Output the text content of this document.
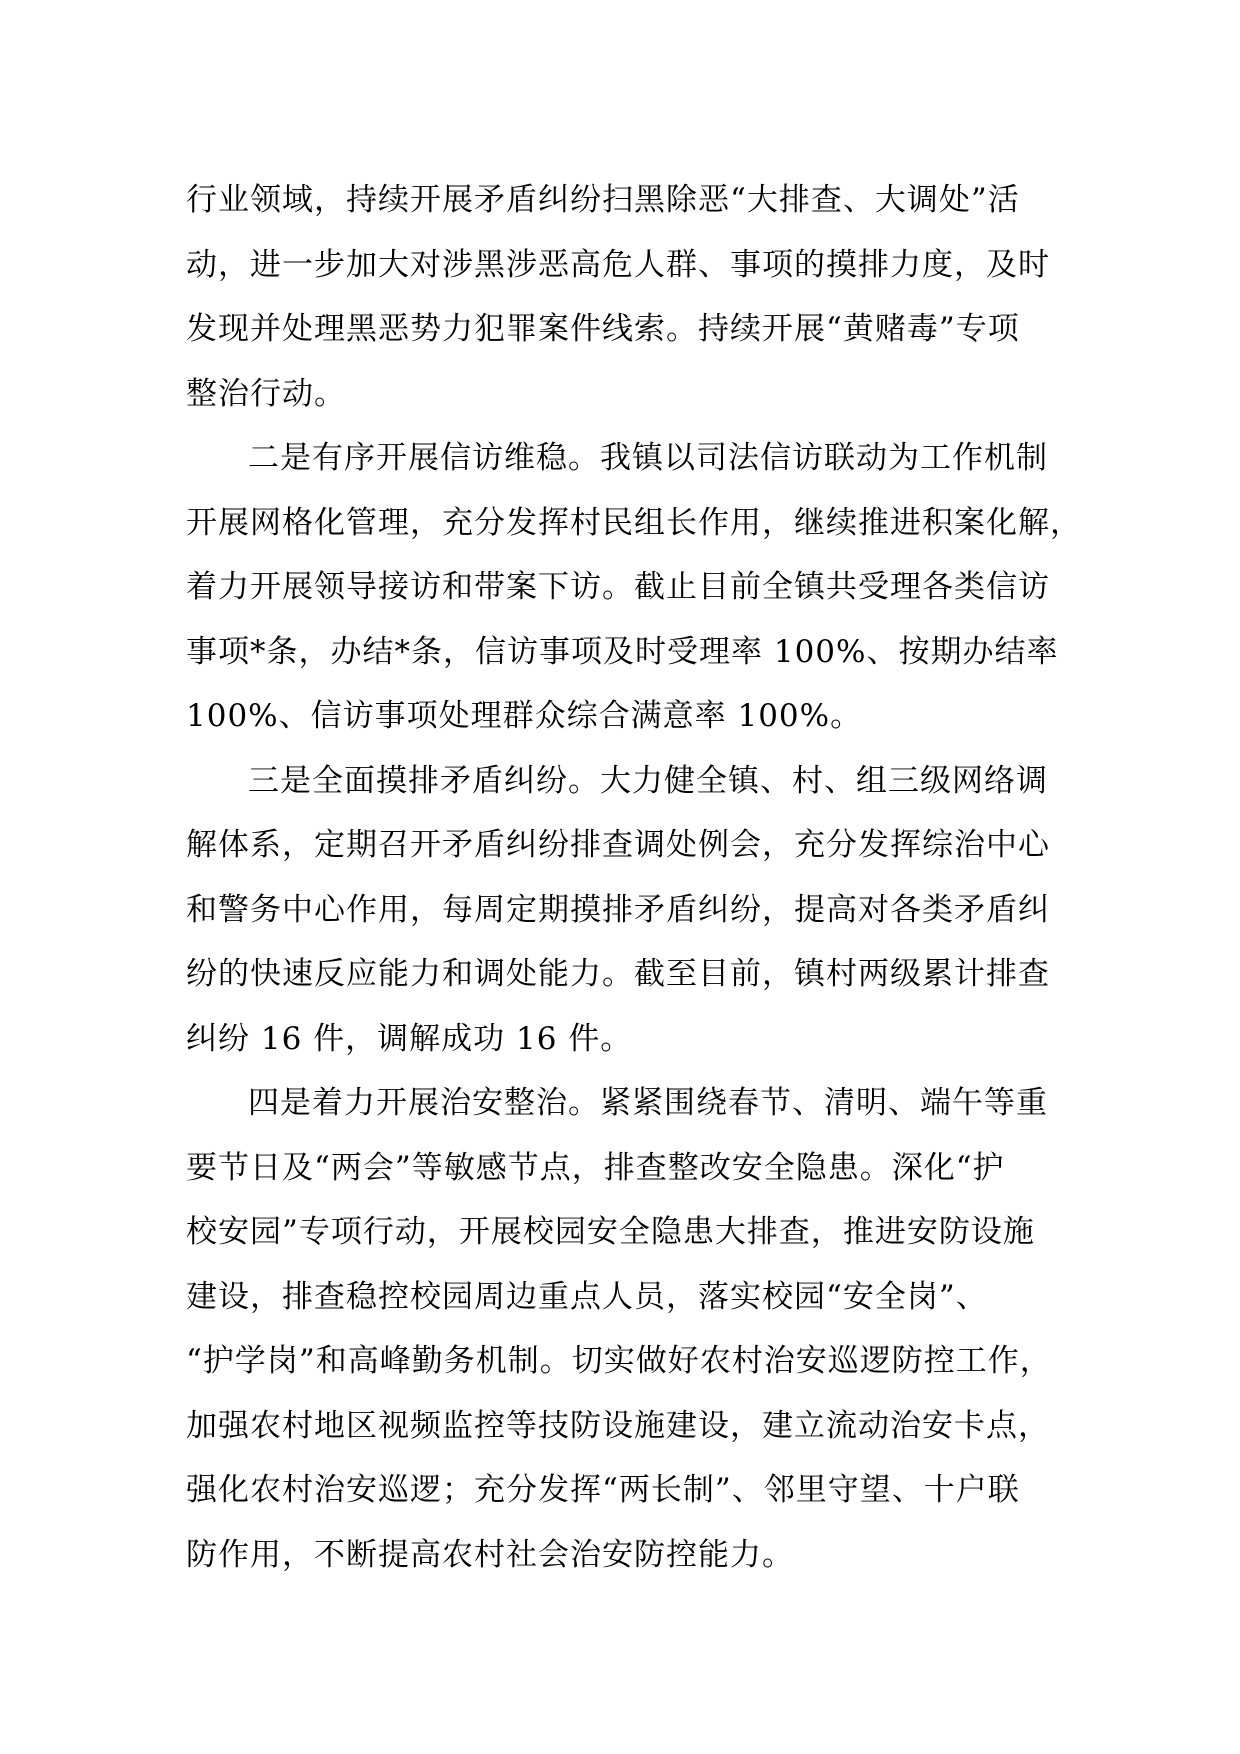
行业领域，持续开展矛盾纠纷扫黑除恶“大排查、大调处”活
动，进一步加大对涉黑涉恶高危人群、事项的摸排力度，及时
发现并处理黑恶势力犯罪案件线索。持续开展“黄赌毒”专项
整治行动。

二是有序开展信访维稳。我镇以司法信访联动为工作机制
开展网格化管理，充分发挥村民组长作用，继续推进积案化解，
着力开展领导接访和带案下访。截止目前全镇共受理各类信访
事项*条，办结*条，信访事项及时受理率 100%、按期办结率
100%、信访事项处理群众综合满意率 100%。

三是全面摸排矛盾纠纷。大力健全镇、村、组三级网络调
解体系，定期召开矛盾纠纷排查调处例会，充分发挥综治中心
和警务中心作用，每周定期摸排矛盾纠纷，提高对各类矛盾纠
纷的快速反应能力和调处能力。截至目前，镇村两级累计排查
纠纷 16 件，调解成功 16 件。

四是着力开展治安整治。紧紧围绕春节、清明、端午等重
要节日及“两会”等敏感节点，排查整改安全隐患。深化“护
校安园”专项行动，开展校园安全隐患大排查，推进安防设施
建设，排查稳控校园周边重点人员，落实校园“安全岗”、
“护学岗”和高峰勤务机制。切实做好农村治安巡逻防控工作，
加强农村地区视频监控等技防设施建设，建立流动治安卡点，
强化农村治安巡逻；充分发挥“两长制”、邻里守望、十户联
防作用，不断提高农村社会治安防控能力。
